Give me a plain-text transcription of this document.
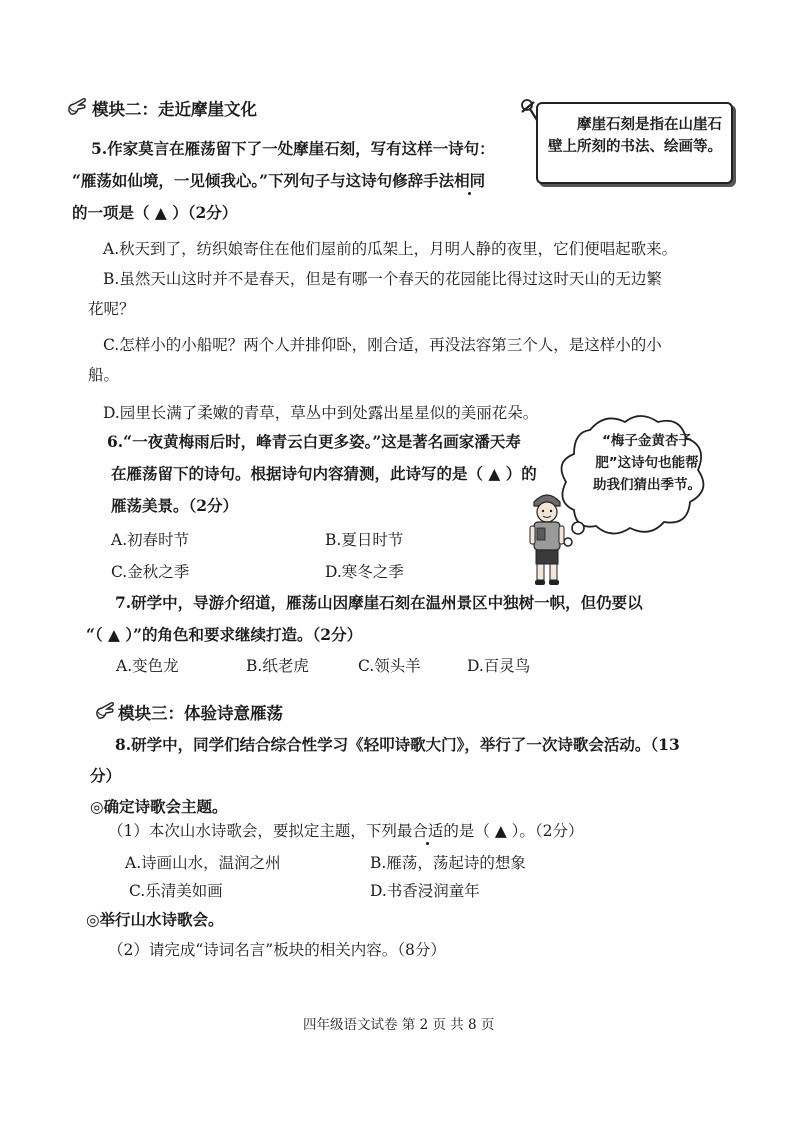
模块二：走近摩崖文化
摩崖石刻是指在山崖石壁上所刻的书法、绘画等。
5.作家莫言在雁荡留下了一处摩崖石刻，写有这样一诗句：
“雁荡如仙境，一见倾我心。”下列句子与这诗句修辞手法相同
的一项是（ ▲ ）（2分）
A.秋天到了，纺织娘寄住在他们屋前的瓜架上，月明人静的夜里，它们便唱起歌来。
B.虽然天山这时并不是春天，但是有哪一个春天的花园能比得过这时天山的无边繁
花呢？
C.怎样小的小船呢？两个人并排仰卧，刚合适，再没法容第三个人，是这样小的小
船。
D.园里长满了柔嫩的青草，草丛中到处露出星星似的美丽花朵。
6.“一夜黄梅雨后时，峰青云白更多姿。”这是著名画家潘天寿
在雁荡留下的诗句。根据诗句内容猜测，此诗写的是（ ▲ ）的
雁荡美景。（2分）
A.初春时节	B.夏日时节
C.金秋之季	D.寒冬之季
“梅子金黄杏子肥”这诗句也能帮助我们猜出季节。
7.研学中，导游介绍道，雁荡山因摩崖石刻在温州景区中独树一帜，但仍要以
“（ ▲ ）”的角色和要求继续打造。（2分）
A.变色龙	B.纸老虎	C.领头羊	D.百灵鸟
模块三：体验诗意雁荡
8.研学中，同学们结合综合性学习《轻叩诗歌大门》，举行了一次诗歌会活动。（13
分）
◎确定诗歌会主题。
（1）本次山水诗歌会，要拟定主题，下列最合适的是（ ▲ ）。（2分）
A.诗画山水，温润之州	B.雁荡，荡起诗的想象
C.乐清美如画	D.书香浸润童年
◎举行山水诗歌会。
（2）请完成“诗词名言”板块的相关内容。（8分）
四年级语文试卷 第 2 页 共 8 页
